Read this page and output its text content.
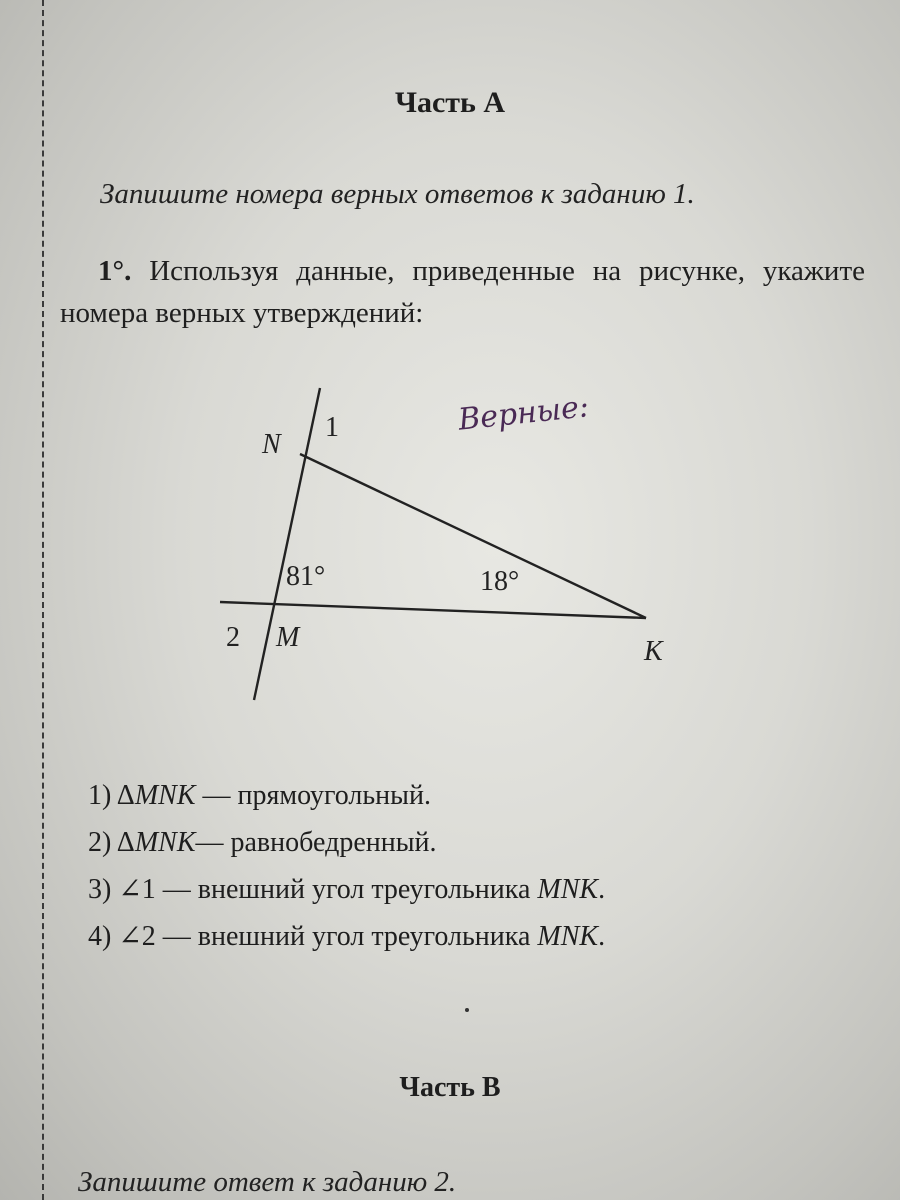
Часть А
Запишите номера верных ответов к заданию 1.
1°. Используя данные, приведенные на рисунке, укажите номера верных утверждений:
N
1
81°	18°
2 M	K
Верные:
1) ΔMNK — прямоугольный.
2) ΔMNK— равнобедренный.
3) ∠1 — внешний угол треугольника MNK.
4) ∠2 — внешний угол треугольника MNK.
Часть В
Запишите ответ к заданию 2.
